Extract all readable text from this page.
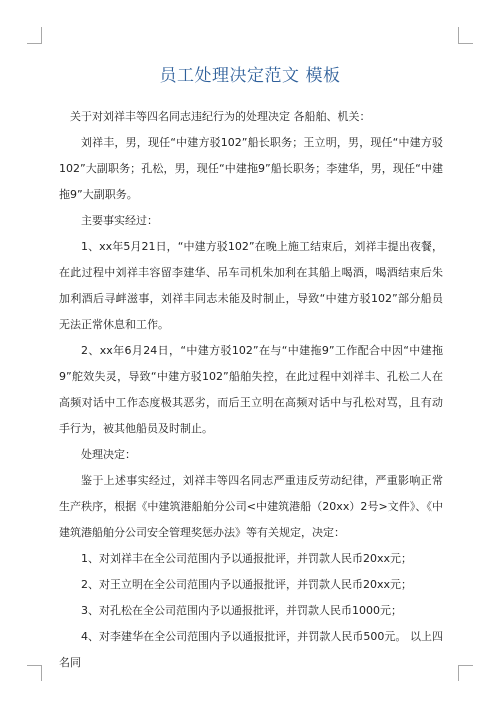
员工处理决定范文 模板

关于对刘祥丰等四名同志违纪行为的处理决定 各船舶、机关：

刘祥丰，男，现任“中建方驳102”船长职务；王立明，男，现任“中建方驳102”大副职务；孔松，男，现任“中建拖9”船长职务；李建华，男，现任“中建拖9”大副职务。

主要事实经过：

1、xx年5月21日，“中建方驳102”在晚上施工结束后，刘祥丰提出夜餐，在此过程中刘祥丰容留李建华、吊车司机朱加利在其船上喝酒，喝酒结束后朱加利酒后寻衅滋事，刘祥丰同志未能及时制止，导致“中建方驳102”部分船员无法正常休息和工作。

2、xx年6月24日，“中建方驳102”在与“中建拖9”工作配合中因“中建拖9”舵效失灵，导致“中建方驳102”船舶失控，在此过程中刘祥丰、孔松二人在高频对话中工作态度极其恶劣，而后王立明在高频对话中与孔松对骂，且有动手行为，被其他船员及时制止。

处理决定：

鉴于上述事实经过，刘祥丰等四名同志严重违反劳动纪律，严重影响正常生产秩序，根据《中建筑港船舶分公司<中建筑港船（20xx）2号>文件》、《中建筑港船舶分公司安全管理奖惩办法》等有关规定，决定：

1、对刘祥丰在全公司范围内予以通报批评，并罚款人民币20xx元；

2、对王立明在全公司范围内予以通报批评，并罚款人民币20xx元；

3、对孔松在全公司范围内予以通报批评，并罚款人民币1000元；

4、对李建华在全公司范围内予以通报批评，并罚款人民币500元。 以上四名同
